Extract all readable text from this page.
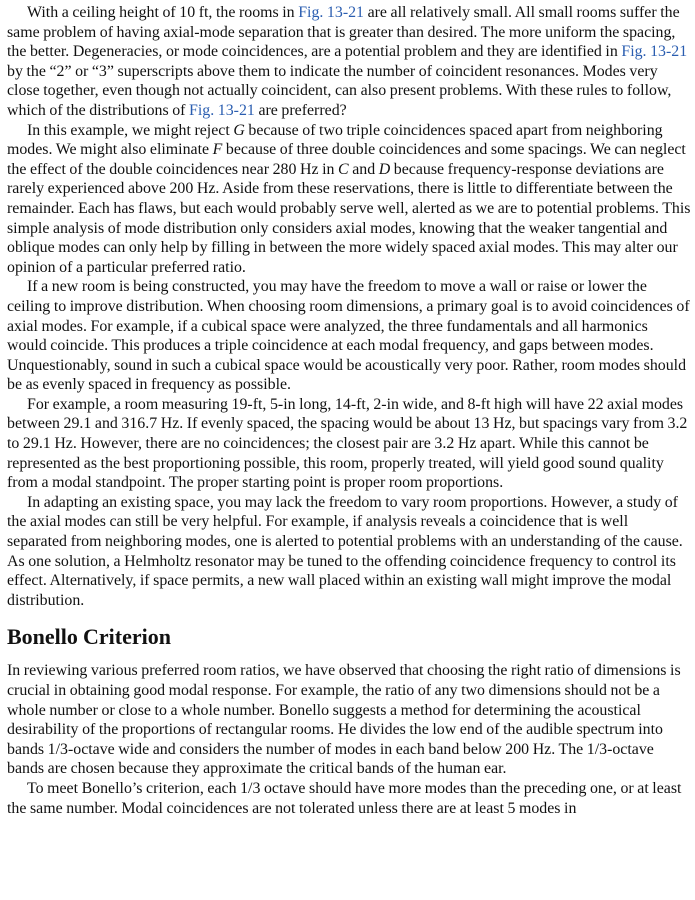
With a ceiling height of 10 ft, the rooms in Fig. 13-21 are all relatively small. All small rooms suffer the same problem of having axial-mode separation that is greater than desired. The more uniform the spacing, the better. Degeneracies, or mode coincidences, are a potential problem and they are identified in Fig. 13-21 by the “2” or “3” superscripts above them to indicate the number of coincident resonances. Modes very close together, even though not actually coincident, can also present problems. With these rules to follow, which of the distributions of Fig. 13-21 are preferred?

In this example, we might reject G because of two triple coincidences spaced apart from neighboring modes. We might also eliminate F because of three double coincidences and some spacings. We can neglect the effect of the double coincidences near 280 Hz in C and D because frequency-response deviations are rarely experienced above 200 Hz. Aside from these reservations, there is little to differentiate between the remainder. Each has flaws, but each would probably serve well, alerted as we are to potential problems. This simple analysis of mode distribution only considers axial modes, knowing that the weaker tangential and oblique modes can only help by filling in between the more widely spaced axial modes. This may alter our opinion of a particular preferred ratio.

If a new room is being constructed, you may have the freedom to move a wall or raise or lower the ceiling to improve distribution. When choosing room dimensions, a primary goal is to avoid coincidences of axial modes. For example, if a cubical space were analyzed, the three fundamentals and all harmonics would coincide. This produces a triple coincidence at each modal frequency, and gaps between modes. Unquestionably, sound in such a cubical space would be acoustically very poor. Rather, room modes should be as evenly spaced in frequency as possible.

For example, a room measuring 19-ft, 5-in long, 14-ft, 2-in wide, and 8-ft high will have 22 axial modes between 29.1 and 316.7 Hz. If evenly spaced, the spacing would be about 13 Hz, but spacings vary from 3.2 to 29.1 Hz. However, there are no coincidences; the closest pair are 3.2 Hz apart. While this cannot be represented as the best proportioning possible, this room, properly treated, will yield good sound quality from a modal standpoint. The proper starting point is proper room proportions.

In adapting an existing space, you may lack the freedom to vary room proportions. However, a study of the axial modes can still be very helpful. For example, if analysis reveals a coincidence that is well separated from neighboring modes, one is alerted to potential problems with an understanding of the cause. As one solution, a Helmholtz resonator may be tuned to the offending coincidence frequency to control its effect. Alternatively, if space permits, a new wall placed within an existing wall might improve the modal distribution.

Bonello Criterion

In reviewing various preferred room ratios, we have observed that choosing the right ratio of dimensions is crucial in obtaining good modal response. For example, the ratio of any two dimensions should not be a whole number or close to a whole number. Bonello suggests a method for determining the acoustical desirability of the proportions of rectangular rooms. He divides the low end of the audible spectrum into bands 1/3-octave wide and considers the number of modes in each band below 200 Hz. The 1/3-octave bands are chosen because they approximate the critical bands of the human ear.

To meet Bonello’s criterion, each 1/3 octave should have more modes than the preceding one, or at least the same number. Modal coincidences are not tolerated unless there are at least 5 modes in
